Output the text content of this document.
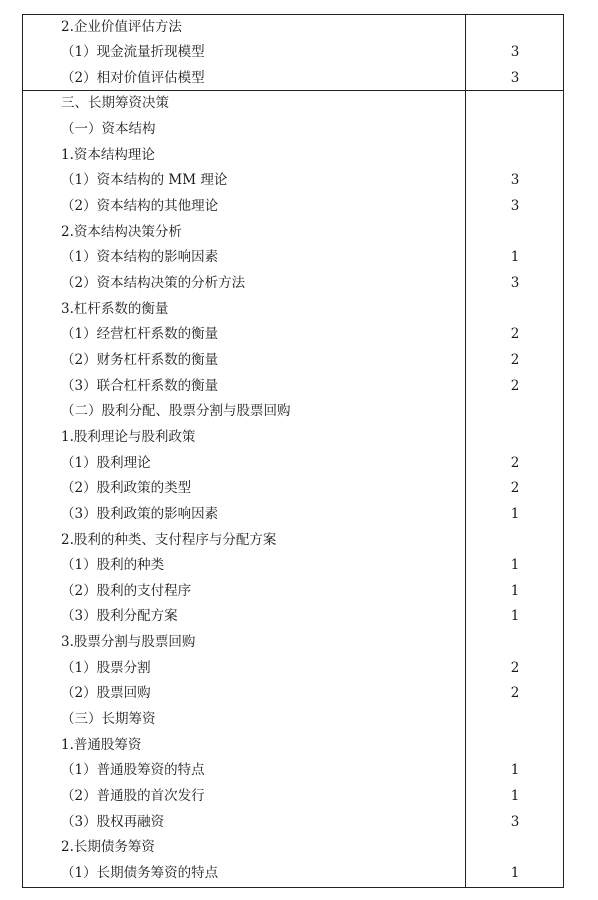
2.企业价值评估方法
（1）现金流量折现模型	3
（2）相对价值评估模型	3
三、长期筹资决策
（一）资本结构
1.资本结构理论
（1）资本结构的 MM 理论	3
（2）资本结构的其他理论	3
2.资本结构决策分析
（1）资本结构的影响因素	1
（2）资本结构决策的分析方法	3
3.杠杆系数的衡量
（1）经营杠杆系数的衡量	2
（2）财务杠杆系数的衡量	2
（3）联合杠杆系数的衡量	2
（二）股利分配、股票分割与股票回购
1.股利理论与股利政策
（1）股利理论	2
（2）股利政策的类型	2
（3）股利政策的影响因素	1
2.股利的种类、支付程序与分配方案
（1）股利的种类	1
（2）股利的支付程序	1
（3）股利分配方案	1
3.股票分割与股票回购
（1）股票分割	2
（2）股票回购	2
（三）长期筹资
1.普通股筹资
（1）普通股筹资的特点	1
（2）普通股的首次发行	1
（3）股权再融资	3
2.长期债务筹资
（1）长期债务筹资的特点	1
